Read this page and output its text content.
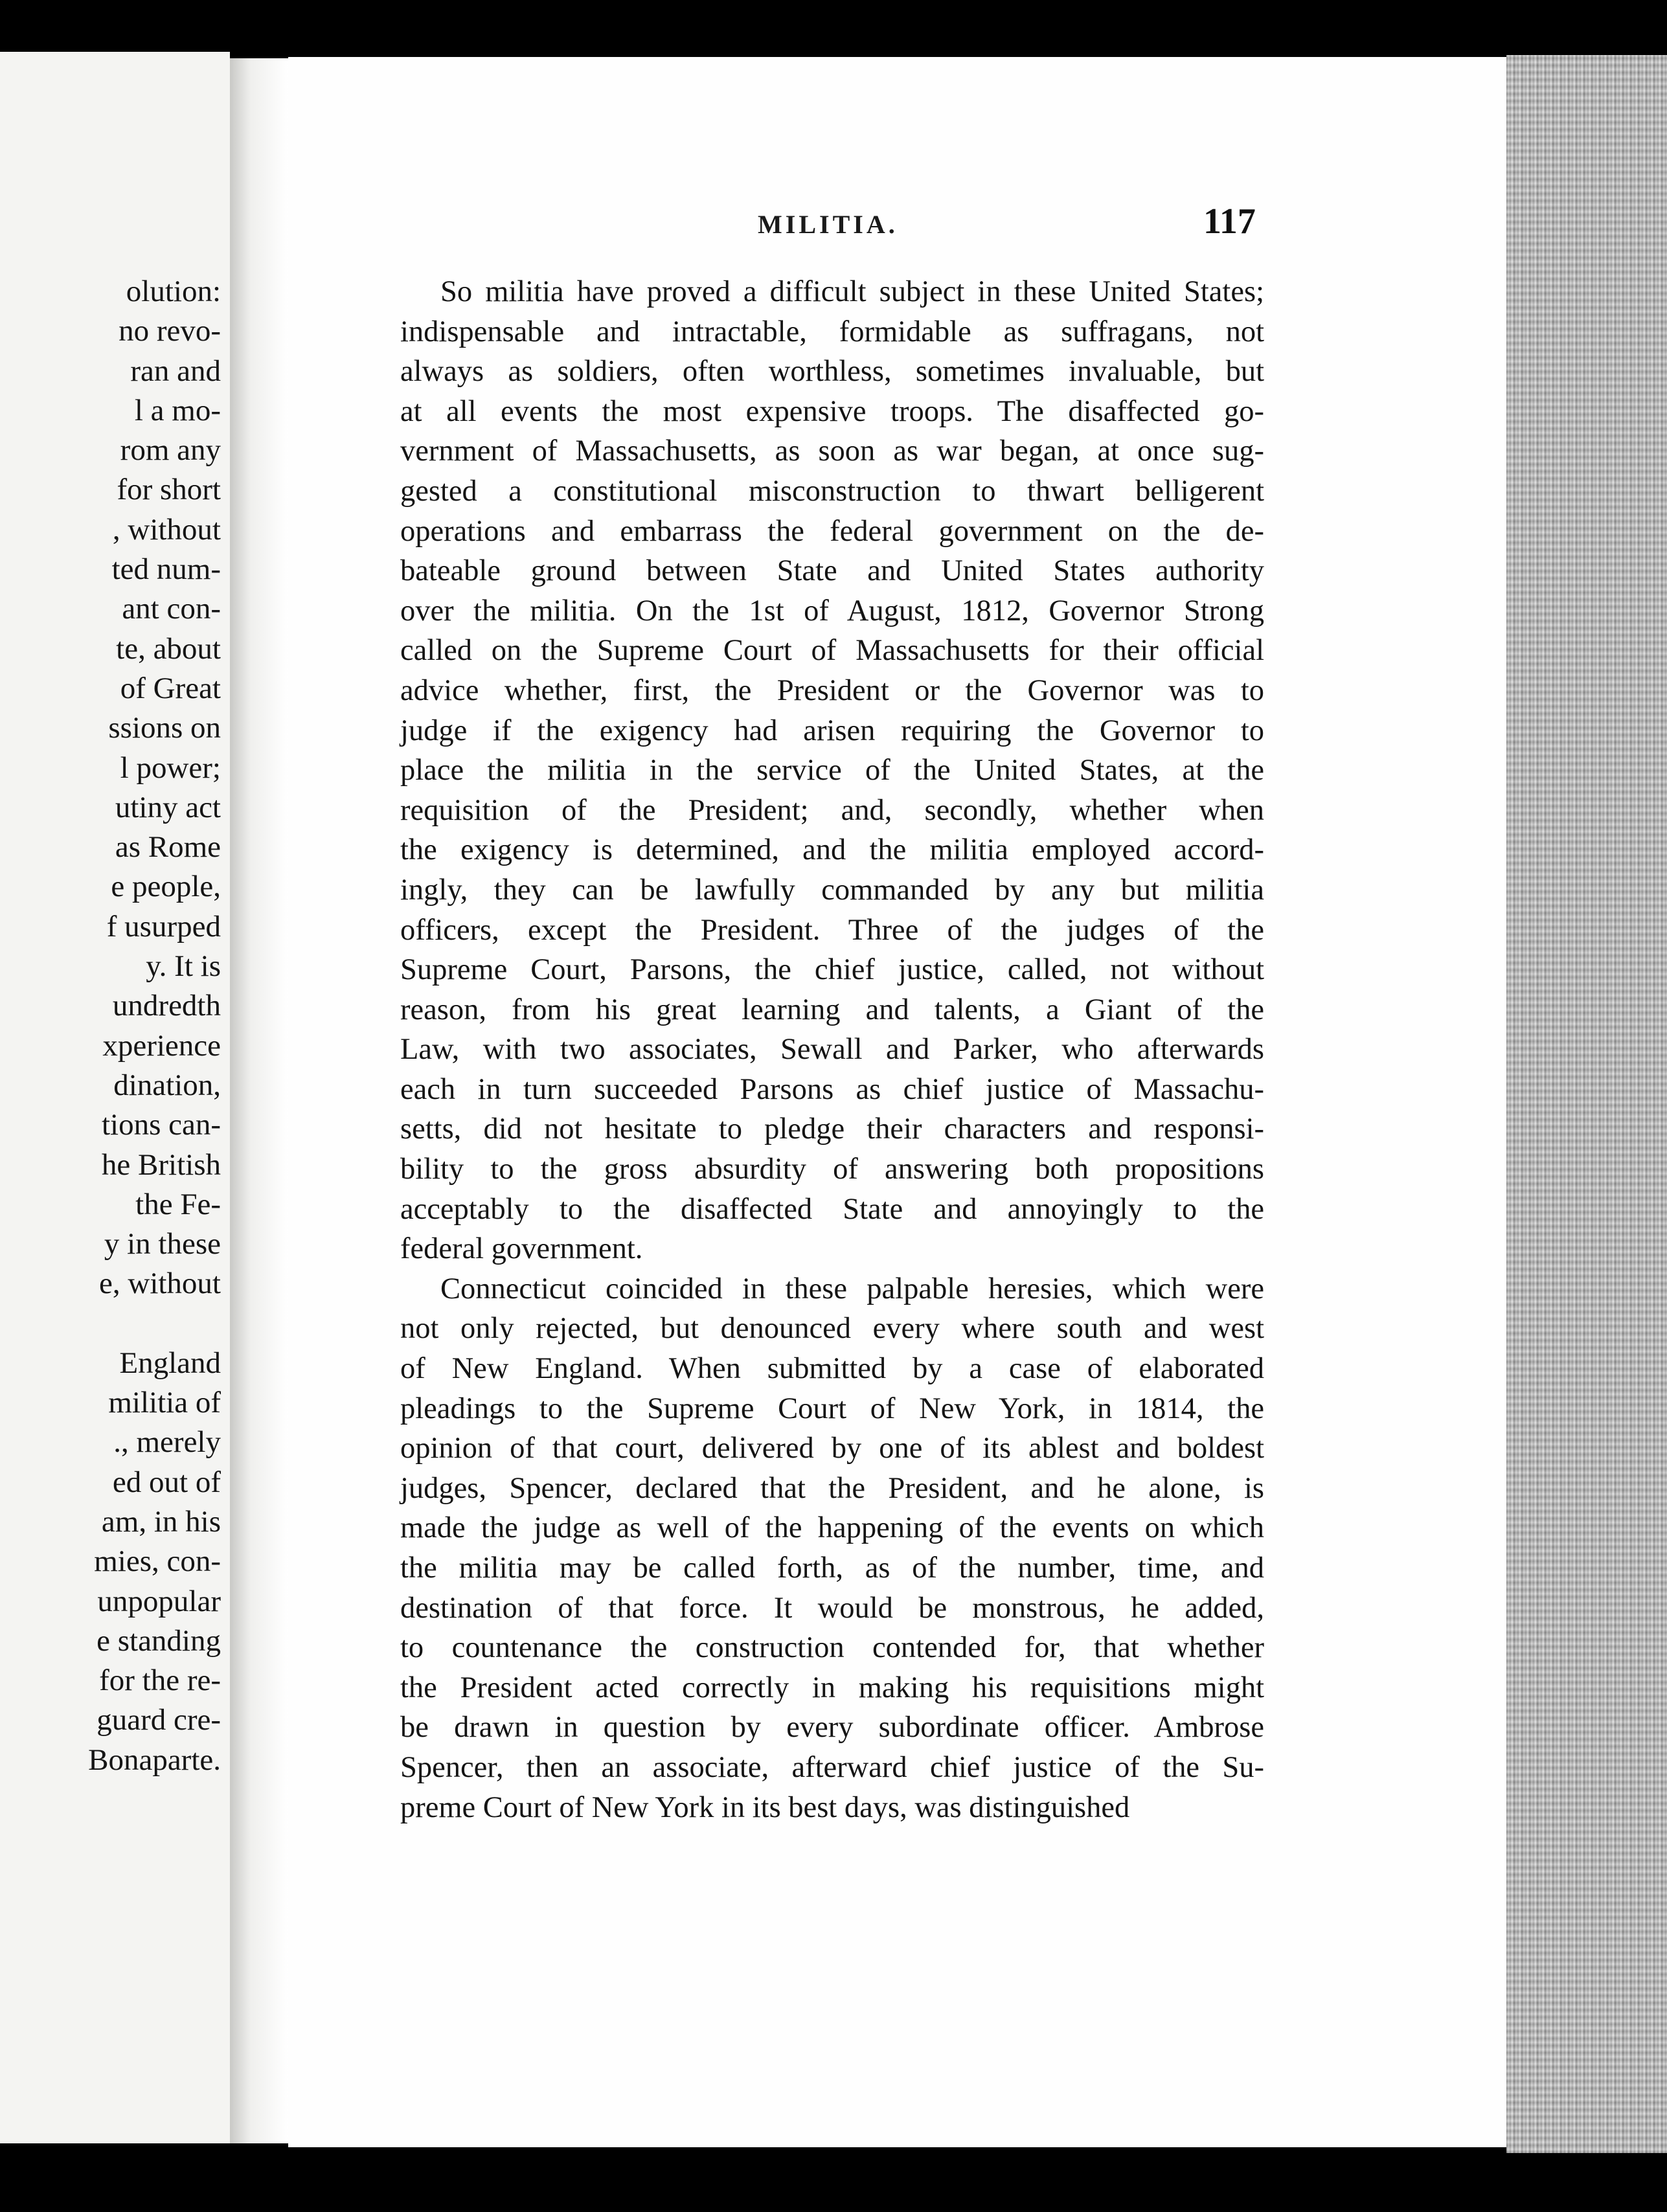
olution:
no revo-
ran and
l a mo-
rom any
for short
, without
ted num-
ant con-
te, about
of Great
ssions on
l power;
utiny act
as Rome
e people,
f usurped
y. It is
undredth
xperience
dination,
tions can-
he British
the Fe-
y in these
e, without
England
militia of
., merely
ed out of
am, in his
mies, con-
unpopular
e standing
for the re-
guard cre-
Bonaparte.
MILITIA.	117
So militia have proved a difficult subject in these United States;
indispensable and intractable, formidable as suffragans, not
always as soldiers, often worthless, sometimes invaluable, but
at all events the most expensive troops. The disaffected go-
vernment of Massachusetts, as soon as war began, at once sug-
gested a constitutional misconstruction to thwart belligerent
operations and embarrass the federal government on the de-
bateable ground between State and United States authority
over the militia. On the 1st of August, 1812, Governor Strong
called on the Supreme Court of Massachusetts for their official
advice whether, first, the President or the Governor was to
judge if the exigency had arisen requiring the Governor to
place the militia in the service of the United States, at the
requisition of the President; and, secondly, whether when
the exigency is determined, and the militia employed accord-
ingly, they can be lawfully commanded by any but militia
officers, except the President. Three of the judges of the
Supreme Court, Parsons, the chief justice, called, not without
reason, from his great learning and talents, a Giant of the
Law, with two associates, Sewall and Parker, who afterwards
each in turn succeeded Parsons as chief justice of Massachu-
setts, did not hesitate to pledge their characters and responsi-
bility to the gross absurdity of answering both propositions
acceptably to the disaffected State and annoyingly to the
federal government.
Connecticut coincided in these palpable heresies, which were
not only rejected, but denounced every where south and west
of New England. When submitted by a case of elaborated
pleadings to the Supreme Court of New York, in 1814, the
opinion of that court, delivered by one of its ablest and boldest
judges, Spencer, declared that the President, and he alone, is
made the judge as well of the happening of the events on which
the militia may be called forth, as of the number, time, and
destination of that force. It would be monstrous, he added,
to countenance the construction contended for, that whether
the President acted correctly in making his requisitions might
be drawn in question by every subordinate officer. Ambrose
Spencer, then an associate, afterward chief justice of the Su-
preme Court of New York in its best days, was distinguished
